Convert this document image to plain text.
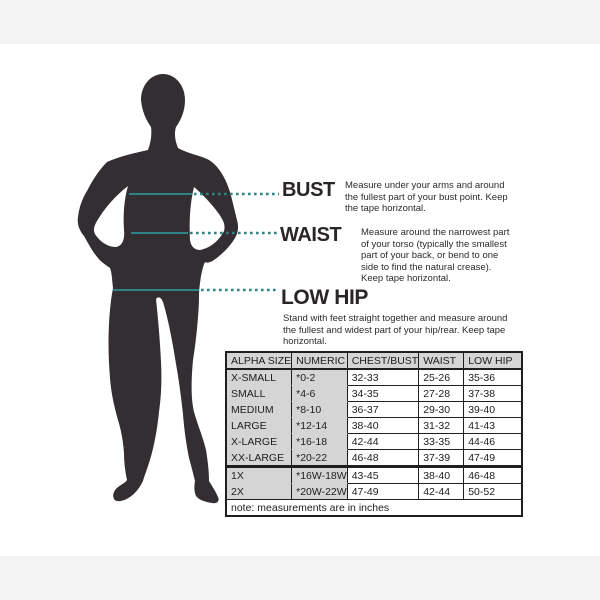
BUST Measure under your arms and around the fullest part of your bust point. Keep the tape horizontal.
WAIST Measure around the narrowest part of your torso (typically the smallest part of your back, or bend to one side to find the natural crease). Keep tape horizontal.
LOW HIP
Stand with feet straight together and measure around the fullest and widest part of your hip/rear. Keep tape horizontal.
ALPHA SIZE	NUMERIC	CHEST/BUST	WAIST	LOW HIP
X-SMALL	*0-2	32-33	25-26	35-36
SMALL	*4-6	34-35	27-28	37-38
MEDIUM	*8-10	36-37	29-30	39-40
LARGE	*12-14	38-40	31-32	41-43
X-LARGE	*16-18	42-44	33-35	44-46
XX-LARGE	*20-22	46-48	37-39	47-49
1X	*16W-18W	43-45	38-40	46-48
2X	*20W-22W	47-49	42-44	50-52
note: measurements are in inches				
